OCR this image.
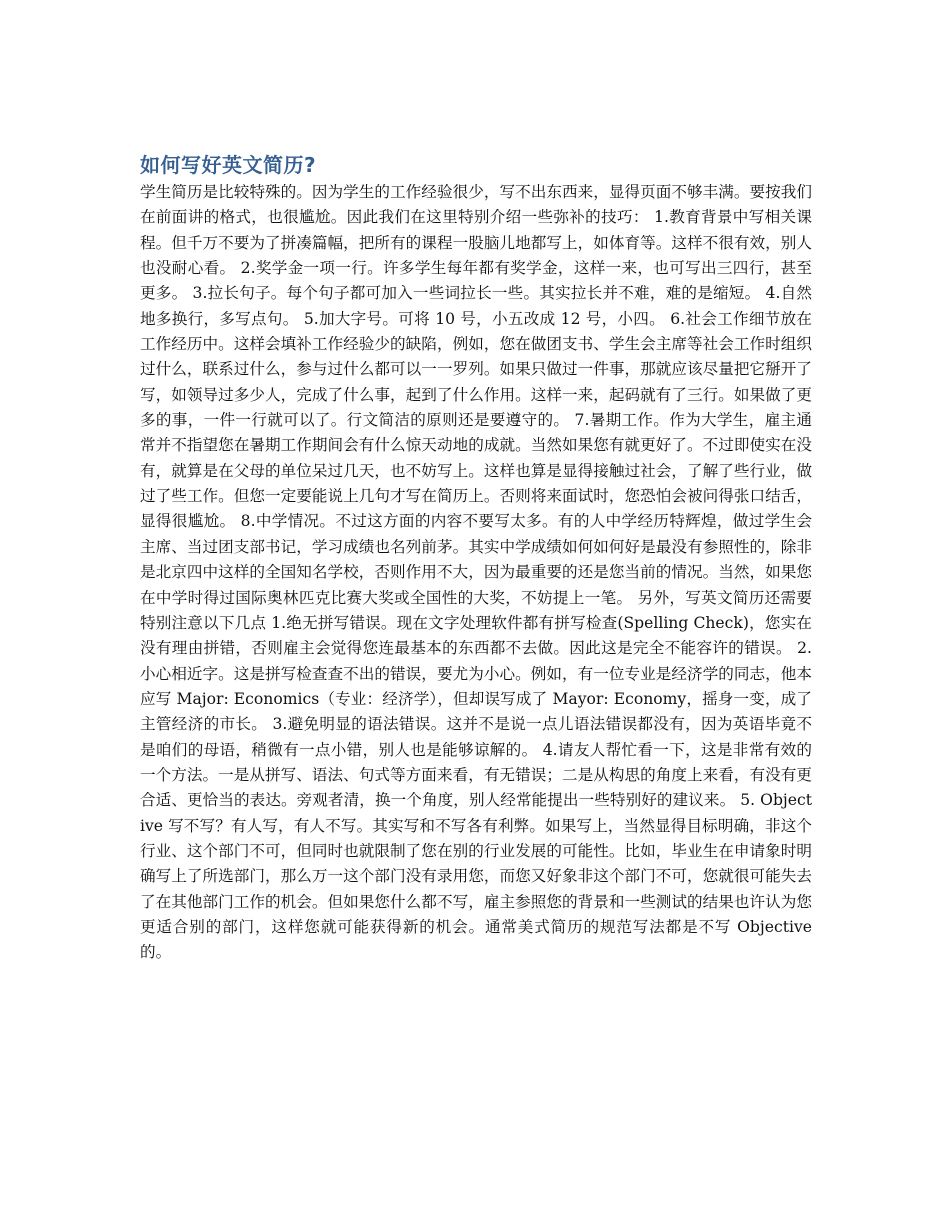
如何写好英文简历?

学生简历是比较特殊的。因为学生的工作经验很少，写不出东西来，显得页面不够丰满。要按我们在前面讲的格式，也很尴尬。因此我们在这里特别介绍一些弥补的技巧： 1.教育背景中写相关课程。但千万不要为了拼凑篇幅，把所有的课程一股脑儿地都写上，如体育等。这样不很有效，别人也没耐心看。 2.奖学金一项一行。许多学生每年都有奖学金，这样一来，也可写出三四行，甚至更多。 3.拉长句子。每个句子都可加入一些词拉长一些。其实拉长并不难，难的是缩短。 4.自然地多换行，多写点句。 5.加大字号。可将 10 号，小五改成 12 号，小四。 6.社会工作细节放在工作经历中。这样会填补工作经验少的缺陷，例如，您在做团支书、学生会主席等社会工作时组织过什么，联系过什么，参与过什么都可以一一罗列。如果只做过一件事，那就应该尽量把它掰开了写，如领导过多少人，完成了什么事，起到了什么作用。这样一来，起码就有了三行。如果做了更多的事，一件一行就可以了。行文简洁的原则还是要遵守的。 7.暑期工作。作为大学生，雇主通常并不指望您在暑期工作期间会有什么惊天动地的成就。当然如果您有就更好了。不过即使实在没有，就算是在父母的单位呆过几天，也不妨写上。这样也算是显得接触过社会，了解了些行业，做过了些工作。但您一定要能说上几句才写在简历上。否则将来面试时，您恐怕会被问得张口结舌，显得很尴尬。 8.中学情况。不过这方面的内容不要写太多。有的人中学经历特辉煌，做过学生会主席、当过团支部书记，学习成绩也名列前茅。其实中学成绩如何如何好是最没有参照性的，除非是北京四中这样的全国知名学校，否则作用不大，因为最重要的还是您当前的情况。当然，如果您在中学时得过国际奥林匹克比赛大奖或全国性的大奖，不妨提上一笔。 另外，写英文简历还需要特别注意以下几点 1.绝无拼写错误。现在文字处理软件都有拼写检查(Spelling Check)，您实在没有理由拼错，否则雇主会觉得您连最基本的东西都不去做。因此这是完全不能容许的错误。 2.小心相近字。这是拼写检查查不出的错误，要尤为小心。例如，有一位专业是经济学的同志，他本应写 Major: Economics（专业：经济学），但却误写成了 Mayor: Economy，摇身一变，成了主管经济的市长。 3.避免明显的语法错误。这并不是说一点儿语法错误都没有，因为英语毕竟不是咱们的母语，稍微有一点小错，别人也是能够谅解的。 4.请友人帮忙看一下，这是非常有效的一个方法。一是从拼写、语法、句式等方面来看，有无错误；二是从构思的角度上来看，有没有更合适、更恰当的表达。旁观者清，换一个角度，别人经常能提出一些特别好的建议来。 5. Objective 写不写？有人写，有人不写。其实写和不写各有利弊。如果写上，当然显得目标明确，非这个行业、这个部门不可，但同时也就限制了您在别的行业发展的可能性。比如，毕业生在申请象时明确写上了所选部门，那么万一这个部门没有录用您，而您又好象非这个部门不可，您就很可能失去了在其他部门工作的机会。但如果您什么都不写，雇主参照您的背景和一些测试的结果也许认为您更适合别的部门，这样您就可能获得新的机会。通常美式简历的规范写法都是不写 Objective 的。
